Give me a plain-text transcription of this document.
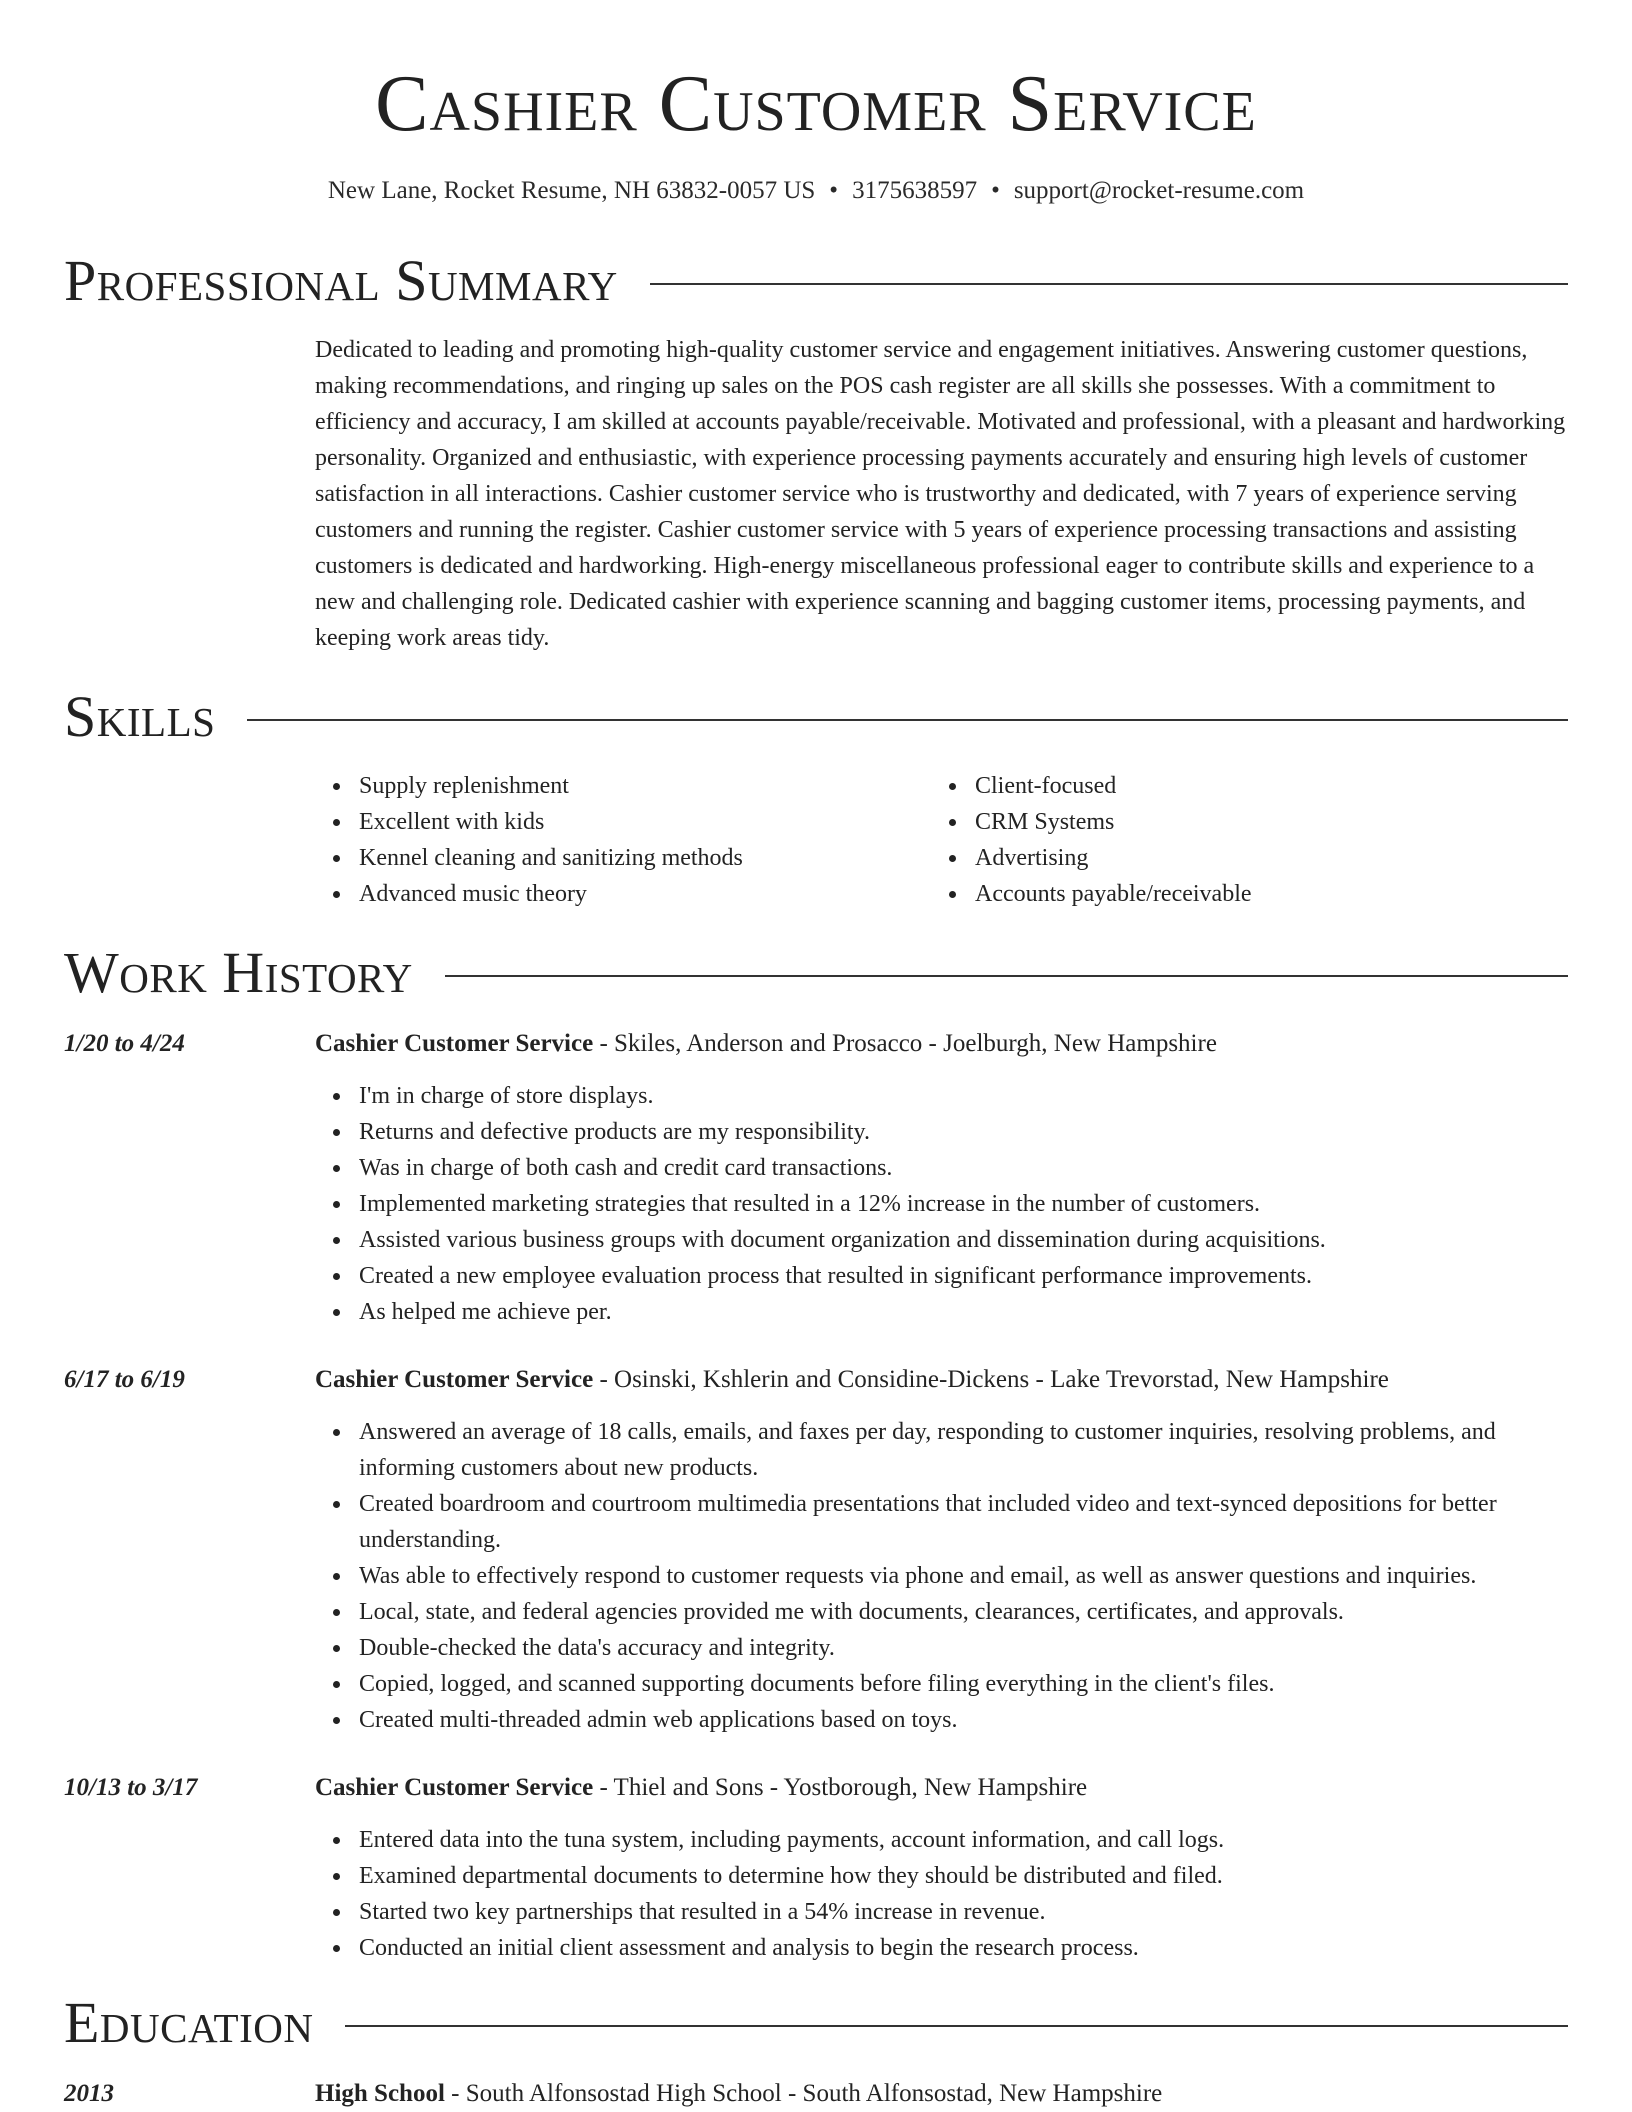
Cashier Customer Service
New Lane, Rocket Resume, NH 63832-0057 US • 3175638597 • support@rocket-resume.com
Professional Summary

Dedicated to leading and promoting high-quality customer service and engagement initiatives. Answering customer questions, making recommendations, and ringing up sales on the POS cash register are all skills she possesses. With a commitment to efficiency and accuracy, I am skilled at accounts payable/receivable. Motivated and professional, with a pleasant and hardworking personality. Organized and enthusiastic, with experience processing payments accurately and ensuring high levels of customer satisfaction in all interactions. Cashier customer service who is trustworthy and dedicated, with 7 years of experience serving customers and running the register. Cashier customer service with 5 years of experience processing transactions and assisting customers is dedicated and hardworking. High-energy miscellaneous professional eager to contribute skills and experience to a new and challenging role. Dedicated cashier with experience scanning and bagging customer items, processing payments, and keeping work areas tidy.

Skills
Supply replenishment
Excellent with kids
Kennel cleaning and sanitizing methods
Advanced music theory
Client-focused
CRM Systems
Advertising
Accounts payable/receivable
Work History
1/20 to 4/24	Cashier Customer Service - Skiles, Anderson and Prosacco - Joelburgh, New Hampshire
I'm in charge of store displays.
Returns and defective products are my responsibility.
Was in charge of both cash and credit card transactions.
Implemented marketing strategies that resulted in a 12% increase in the number of customers.
Assisted various business groups with document organization and dissemination during acquisitions.
Created a new employee evaluation process that resulted in significant performance improvements.
As helped me achieve per.
6/17 to 6/19	Cashier Customer Service - Osinski, Kshlerin and Considine-Dickens - Lake Trevorstad, New Hampshire
Answered an average of 18 calls, emails, and faxes per day, responding to customer inquiries, resolving problems, and informing customers about new products.
Created boardroom and courtroom multimedia presentations that included video and text-synced depositions for better understanding.
Was able to effectively respond to customer requests via phone and email, as well as answer questions and inquiries.
Local, state, and federal agencies provided me with documents, clearances, certificates, and approvals.
Double-checked the data's accuracy and integrity.
Copied, logged, and scanned supporting documents before filing everything in the client's files.
Created multi-threaded admin web applications based on toys.
10/13 to 3/17	Cashier Customer Service - Thiel and Sons - Yostborough, New Hampshire
Entered data into the tuna system, including payments, account information, and call logs.
Examined departmental documents to determine how they should be distributed and filed.
Started two key partnerships that resulted in a 54% increase in revenue.
Conducted an initial client assessment and analysis to begin the research process.
Education
2013	High School - South Alfonsostad High School - South Alfonsostad, New Hampshire
